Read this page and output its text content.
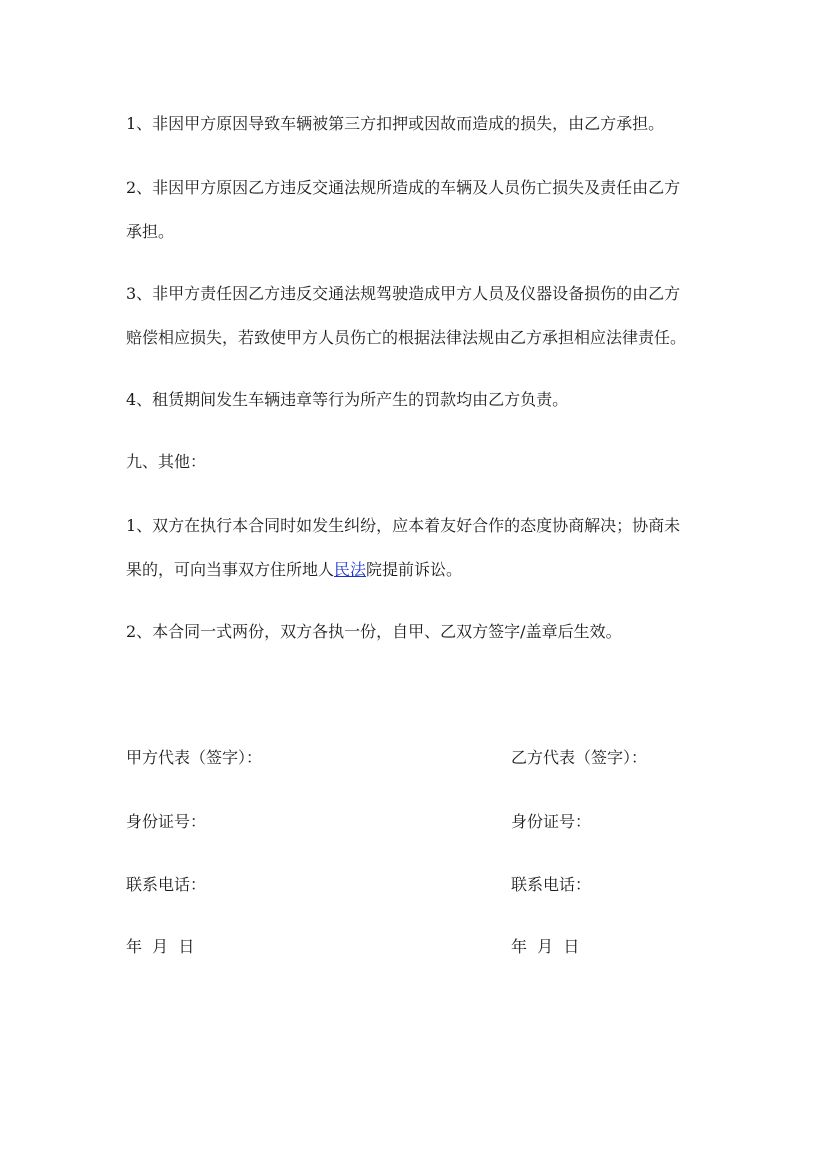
1、非因甲方原因导致车辆被第三方扣押或因故而造成的损失，由乙方承担。

2、非因甲方原因乙方违反交通法规所造成的车辆及人员伤亡损失及责任由乙方
承担。

3、非甲方责任因乙方违反交通法规驾驶造成甲方人员及仪器设备损伤的由乙方
赔偿相应损失，若致使甲方人员伤亡的根据法律法规由乙方承担相应法律责任。

4、租赁期间发生车辆违章等行为所产生的罚款均由乙方负责。

九、其他：

1、双方在执行本合同时如发生纠纷，应本着友好合作的态度协商解决；协商未
果的，可向当事双方住所地人民法院提前诉讼。

2、本合同一式两份，双方各执一份，自甲、乙双方签字/盖章后生效。

甲方代表（签字）：
身份证号：
联系电话：
年  月  日
乙方代表（签字）：
身份证号：
联系电话：
年  月  日
